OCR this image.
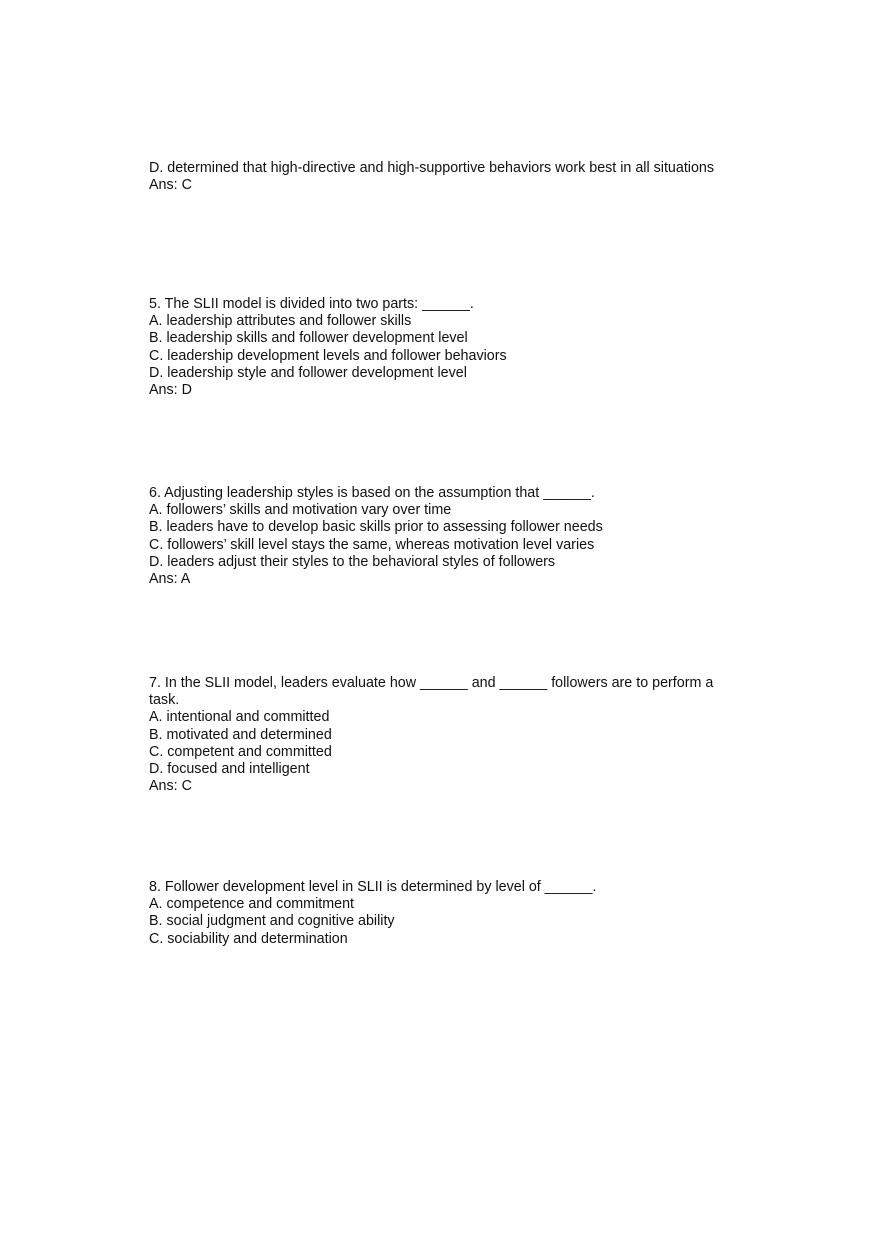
D. determined that high-directive and high-supportive behaviors work best in all situations
Ans: C
5. The SLII model is divided into two parts: ______.
A. leadership attributes and follower skills
B. leadership skills and follower development level
C. leadership development levels and follower behaviors
D. leadership style and follower development level
Ans: D
6. Adjusting leadership styles is based on the assumption that ______.
A. followers’ skills and motivation vary over time
B. leaders have to develop basic skills prior to assessing follower needs
C. followers’ skill level stays the same, whereas motivation level varies
D. leaders adjust their styles to the behavioral styles of followers
Ans: A
7. In the SLII model, leaders evaluate how ______ and ______ followers are to perform a task.
A. intentional and committed
B. motivated and determined
C. competent and committed
D. focused and intelligent
Ans: C
8. Follower development level in SLII is determined by level of ______.
A. competence and commitment
B. social judgment and cognitive ability
C. sociability and determination
